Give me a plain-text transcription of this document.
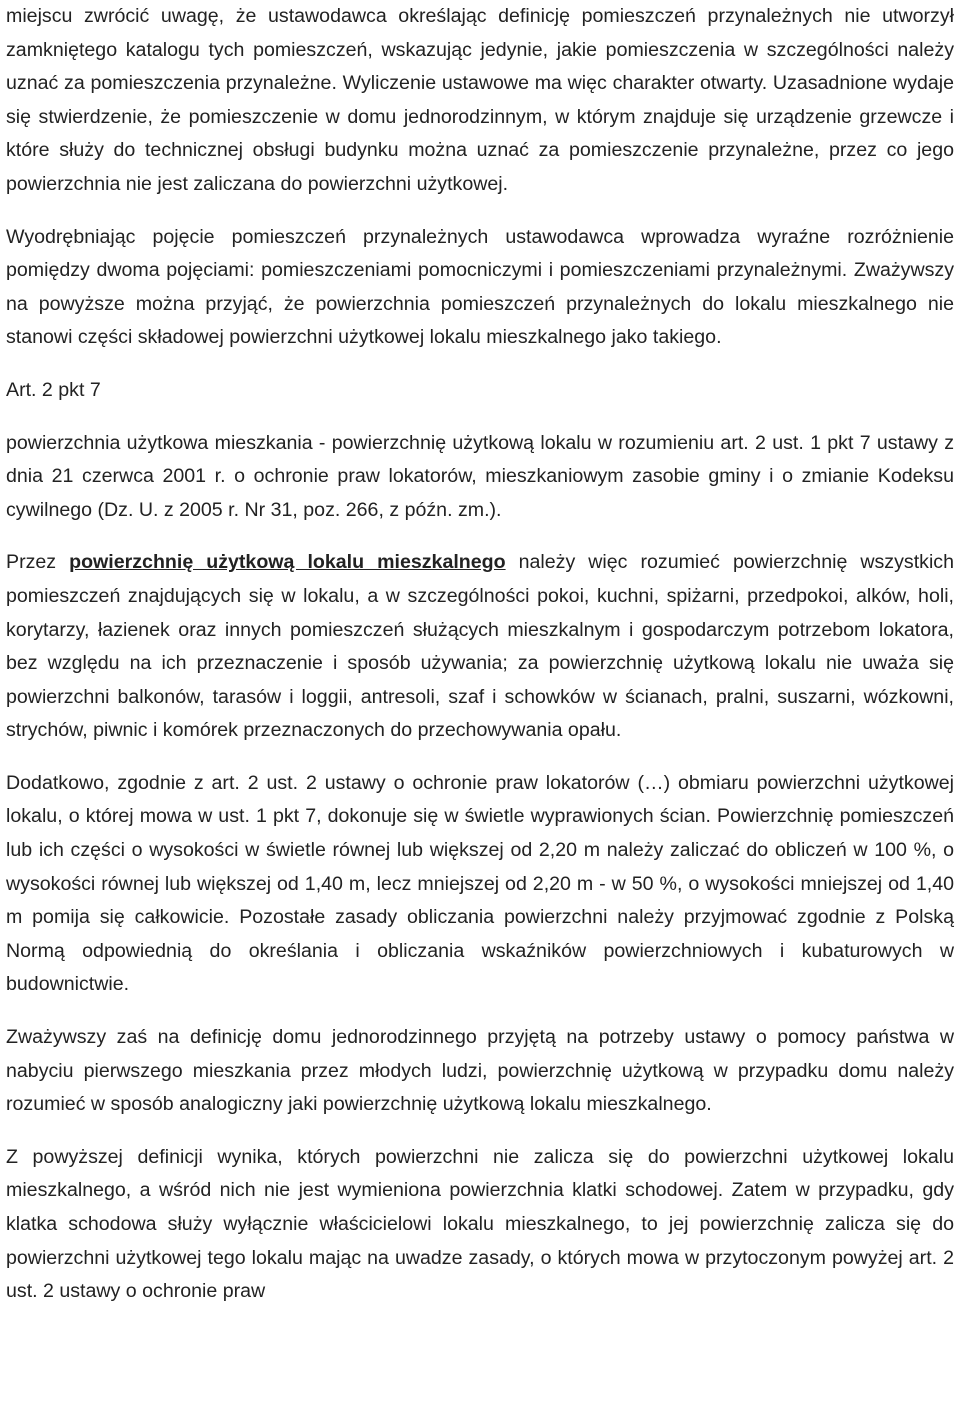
miejscu zwrócić uwagę, że ustawodawca określając definicję pomieszczeń przynależnych nie utworzył zamkniętego katalogu tych pomieszczeń, wskazując jedynie, jakie pomieszczenia w szczególności należy uznać za pomieszczenia przynależne. Wyliczenie ustawowe ma więc charakter otwarty. Uzasadnione wydaje się stwierdzenie, że pomieszczenie w domu jednorodzinnym, w którym znajduje się urządzenie grzewcze i które służy do technicznej obsługi budynku można uznać za pomieszczenie przynależne, przez co jego powierzchnia nie jest zaliczana do powierzchni użytkowej.

Wyodrębniając pojęcie pomieszczeń przynależnych ustawodawca wprowadza wyraźne rozróżnienie pomiędzy dwoma pojęciami: pomieszczeniami pomocniczymi i pomieszczeniami przynależnymi. Zważywszy na powyższe można przyjąć, że powierzchnia pomieszczeń przynależnych do lokalu mieszkalnego nie stanowi części składowej powierzchni użytkowej lokalu mieszkalnego jako takiego.

Art. 2 pkt 7

powierzchnia użytkowa mieszkania - powierzchnię użytkową lokalu w rozumieniu art. 2 ust. 1 pkt 7 ustawy z dnia 21 czerwca 2001 r. o ochronie praw lokatorów, mieszkaniowym zasobie gminy i o zmianie Kodeksu cywilnego (Dz. U. z 2005 r. Nr 31, poz. 266, z późn. zm.).

Przez powierzchnię użytkową lokalu mieszkalnego należy więc rozumieć powierzchnię wszystkich pomieszczeń znajdujących się w lokalu, a w szczególności pokoi, kuchni, spiżarni, przedpokoi, alków, holi, korytarzy, łazienek oraz innych pomieszczeń służących mieszkalnym i gospodarczym potrzebom lokatora, bez względu na ich przeznaczenie i sposób używania; za powierzchnię użytkową lokalu nie uważa się powierzchni balkonów, tarasów i loggii, antresoli, szaf i schowków w ścianach, pralni, suszarni, wózkowni, strychów, piwnic i komórek przeznaczonych do przechowywania opału.

Dodatkowo, zgodnie z art. 2 ust. 2 ustawy o ochronie praw lokatorów (…) obmiaru powierzchni użytkowej lokalu, o której mowa w ust. 1 pkt 7, dokonuje się w świetle wyprawionych ścian. Powierzchnię pomieszczeń lub ich części o wysokości w świetle równej lub większej od 2,20 m należy zaliczać do obliczeń w 100 %, o wysokości równej lub większej od 1,40 m, lecz mniejszej od 2,20 m - w 50 %, o wysokości mniejszej od 1,40 m pomija się całkowicie. Pozostałe zasady obliczania powierzchni należy przyjmować zgodnie z Polską Normą odpowiednią do określania i obliczania wskaźników powierzchniowych i kubaturowych w budownictwie.

Zważywszy zaś na definicję domu jednorodzinnego przyjętą na potrzeby ustawy o pomocy państwa w nabyciu pierwszego mieszkania przez młodych ludzi, powierzchnię użytkową w przypadku domu należy rozumieć w sposób analogiczny jaki powierzchnię użytkową lokalu mieszkalnego.

Z powyższej definicji wynika, których powierzchni nie zalicza się do powierzchni użytkowej lokalu mieszkalnego, a wśród nich nie jest wymieniona powierzchnia klatki schodowej. Zatem w przypadku, gdy klatka schodowa służy wyłącznie właścicielowi lokalu mieszkalnego, to jej powierzchnię zalicza się do powierzchni użytkowej tego lokalu mając na uwadze zasady, o których mowa w przytoczonym powyżej art. 2 ust. 2 ustawy o ochronie praw
